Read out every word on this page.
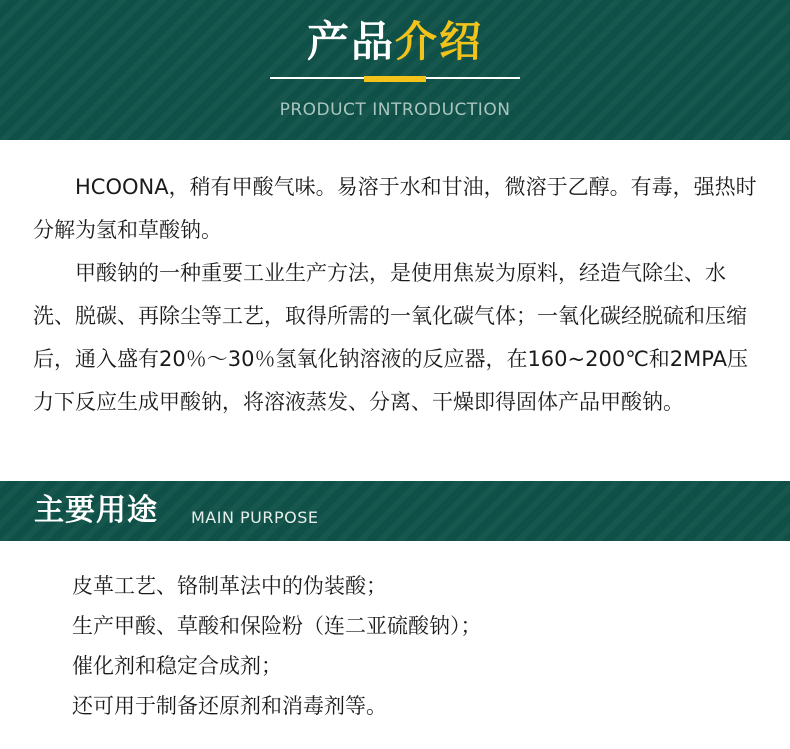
产品介绍
PRODUCT INTRODUCTION

HCOONA，稍有甲酸气味。易溶于水和甘油，微溶于乙醇。有毒，强热时分解为氢和草酸钠。

甲酸钠的一种重要工业生产方法，是使用焦炭为原料，经造气除尘、水洗、脱碳、再除尘等工艺，取得所需的一氧化碳气体；一氧化碳经脱硫和压缩后，通入盛有20％～30％氢氧化钠溶液的反应器，在160~200℃和2MPA压力下反应生成甲酸钠，将溶液蒸发、分离、干燥即得固体产品甲酸钠。

主要用途 MAIN PURPOSE
皮革工艺、铬制革法中的伪装酸；
生产甲酸、草酸和保险粉（连二亚硫酸钠）；
催化剂和稳定合成剂；
还可用于制备还原剂和消毒剂等。
